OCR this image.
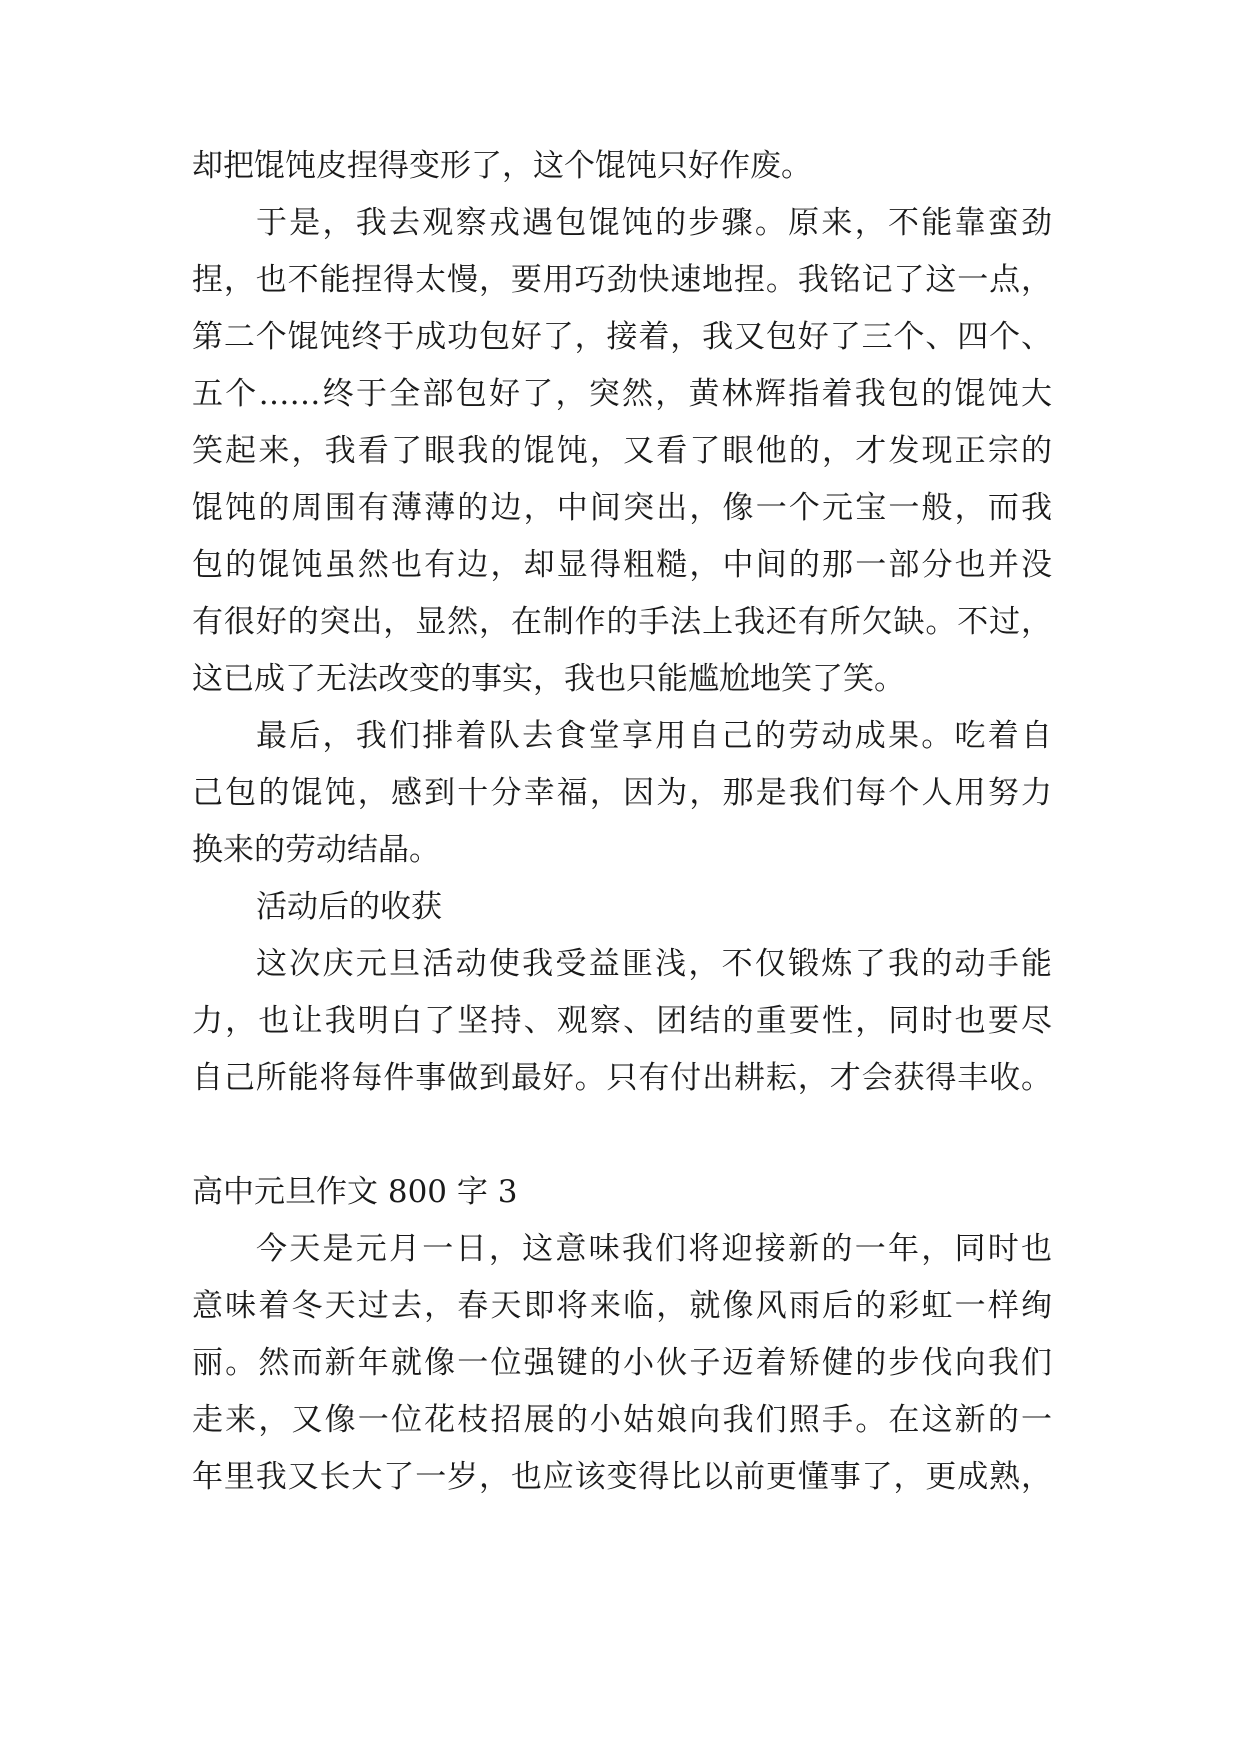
却把馄饨皮捏得变形了，这个馄饨只好作废。
于是，我去观察戎遇包馄饨的步骤。原来，不能靠蛮劲
捏，也不能捏得太慢，要用巧劲快速地捏。我铭记了这一点，
第二个馄饨终于成功包好了，接着，我又包好了三个、四个、
五个……终于全部包好了，突然，黄林辉指着我包的馄饨大
笑起来，我看了眼我的馄饨，又看了眼他的，才发现正宗的
馄饨的周围有薄薄的边，中间突出，像一个元宝一般，而我
包的馄饨虽然也有边，却显得粗糙，中间的那一部分也并没
有很好的突出，显然，在制作的手法上我还有所欠缺。不过，
这已成了无法改变的事实，我也只能尴尬地笑了笑。
最后，我们排着队去食堂享用自己的劳动成果。吃着自
己包的馄饨，感到十分幸福，因为，那是我们每个人用努力
换来的劳动结晶。
活动后的收获
这次庆元旦活动使我受益匪浅，不仅锻炼了我的动手能
力，也让我明白了坚持、观察、团结的重要性，同时也要尽
自己所能将每件事做到最好。只有付出耕耘，才会获得丰收。
高中元旦作文 800 字 3
今天是元月一日，这意味我们将迎接新的一年，同时也
意味着冬天过去，春天即将来临，就像风雨后的彩虹一样绚
丽。然而新年就像一位强键的小伙子迈着矫健的步伐向我们
走来，又像一位花枝招展的小姑娘向我们照手。在这新的一
年里我又长大了一岁，也应该变得比以前更懂事了，更成熟，
